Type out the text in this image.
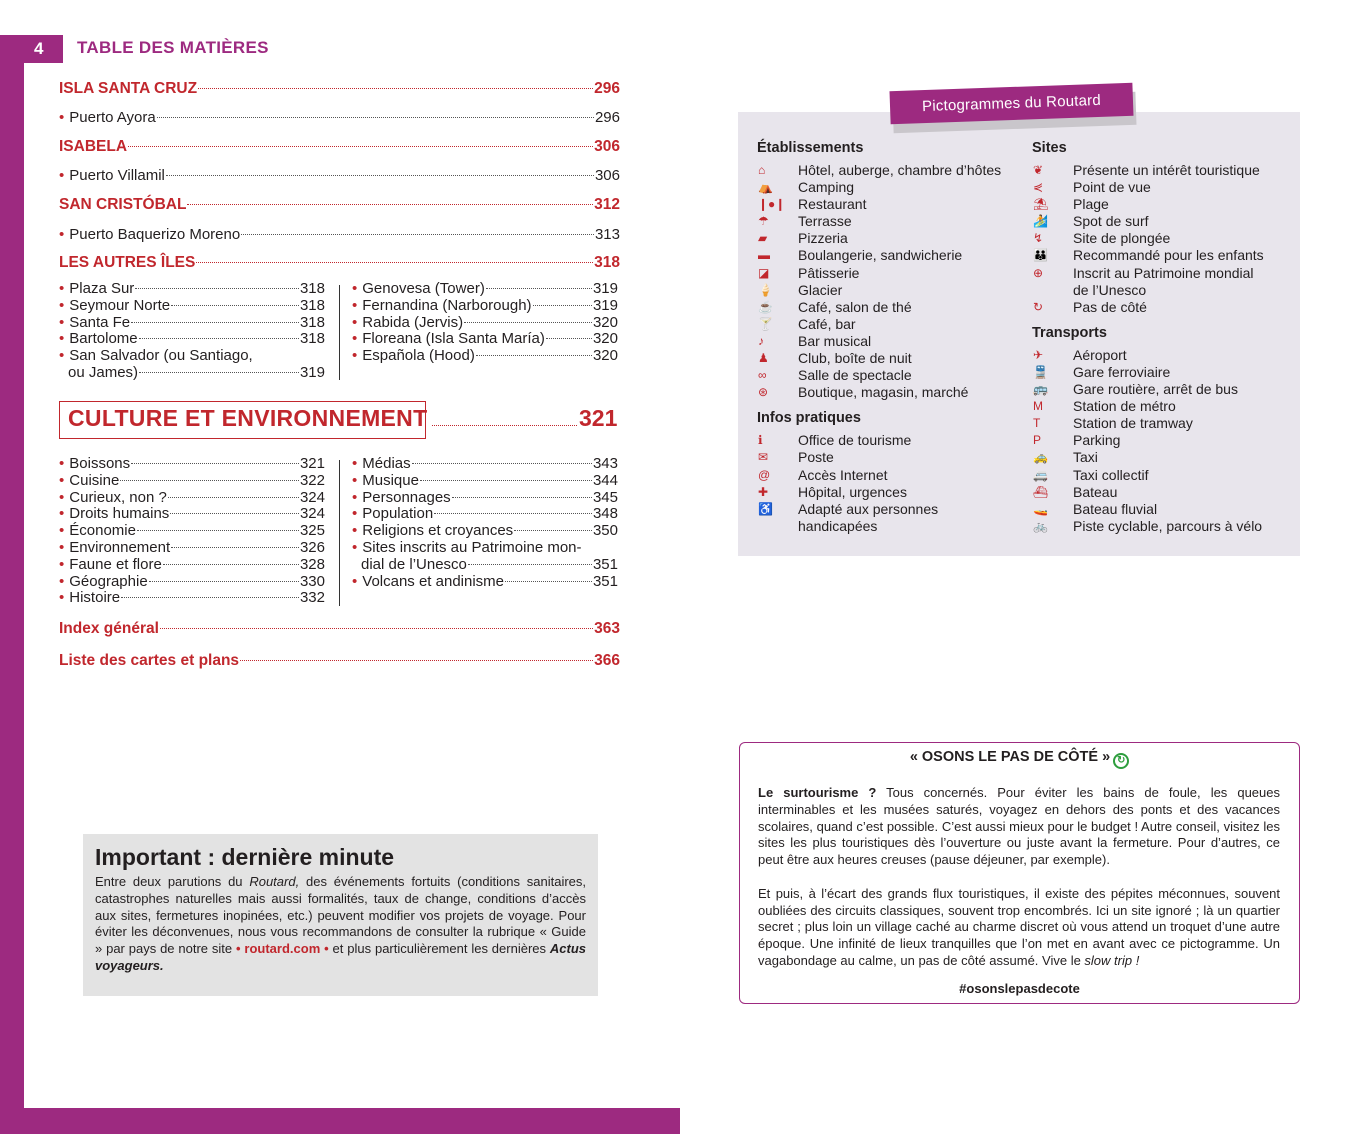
4	TABLE DES MATIÈRES
ISLA SANTA CRUZ	296
• Puerto Ayora	296
ISABELA	306
• Puerto Villamil	306
SAN CRISTÓBAL	312
• Puerto Baquerizo Moreno	313
LES AUTRES ÎLES	318
• Plaza Sur	318
• Seymour Norte	318
• Santa Fe	318
• Bartolome	318
• San Salvador (ou Santiago,
ou James)	319
• Genovesa (Tower)	319
• Fernandina (Narborough)	319
• Rabida (Jervis)	320
• Floreana (Isla Santa María)	320
• Española (Hood)	320
CULTURE ET ENVIRONNEMENT	321
• Boissons	321
• Cuisine	322
• Curieux, non ?	324
• Droits humains	324
• Économie	325
• Environnement	326
• Faune et flore	328
• Géographie	330
• Histoire	332
• Médias	343
• Musique	344
• Personnages	345
• Population	348
• Religions et croyances	350
• Sites inscrits au Patrimoine mon-
dial de l’Unesco	351
• Volcans et andinisme	351
Index général	363
Liste des cartes et plans	366
Important : dernière minute

Entre deux parutions du Routard, des événements fortuits (conditions sanitaires, catastrophes naturelles mais aussi formalités, taux de change, conditions d’accès aux sites, fermetures inopinées, etc.) peuvent modifier vos projets de voyage. Pour éviter les déconvenues, nous vous recommandons de consulter la rubrique « Guide » par pays de notre site • routard.com • et plus particulièrement les dernières Actus voyageurs.

Pictogrammes du Routard
Établissements
⌂	Hôtel, auberge, chambre d’hôtes
⛺	Camping
❙●❙ Restaurant
☂	Terrasse
▰	Pizzeria
▬	Boulangerie, sandwicherie
◪	Pâtisserie
🍦	Glacier
☕	Café, salon de thé
🍸	Café, bar
♪	Bar musical
♟	Club, boîte de nuit
∞	Salle de spectacle
⊛	Boutique, magasin, marché
Infos pratiques
ℹ	Office de tourisme
✉	Poste
@	Accès Internet
✚	Hôpital, urgences
♿	Adapté aux personnes
handicapées
Sites
❦	Présente un intérêt touristique
⋞	Point de vue
⛱	Plage
🏄	Spot de surf
↯	Site de plongée
👪	Recommandé pour les enfants
⊕	Inscrit au Patrimoine mondial
de l’Unesco
↻	Pas de côté
Transports
✈	Aéroport
🚆	Gare ferroviaire
🚌	Gare routière, arrêt de bus
M	Station de métro
T	Station de tramway
P	Parking
🚕	Taxi
🚐	Taxi collectif
⛴	Bateau
🚤	Bateau fluvial
🚲	Piste cyclable, parcours à vélo
« OSONS LE PAS DE CÔTÉ » ↻

Le surtourisme ? Tous concernés. Pour éviter les bains de foule, les queues interminables et les musées saturés, voyagez en dehors des ponts et des vacances scolaires, quand c’est possible. C’est aussi mieux pour le budget ! Autre conseil, visitez les sites les plus touristiques dès l’ouverture ou juste avant la fermeture. Pour d’autres, ce peut être aux heures creuses (pause déjeuner, par exemple).

Et puis, à l’écart des grands flux touristiques, il existe des pépites méconnues, souvent oubliées des circuits classiques, souvent trop encombrés. Ici un site ignoré ; là un quartier secret ; plus loin un village caché au charme discret où vous attend un troquet d’une autre époque. Une infinité de lieux tranquilles que l’on met en avant avec ce pictogramme. Un vagabondage au calme, un pas de côté assumé. Vive le slow trip !

#osonslepasdecote
